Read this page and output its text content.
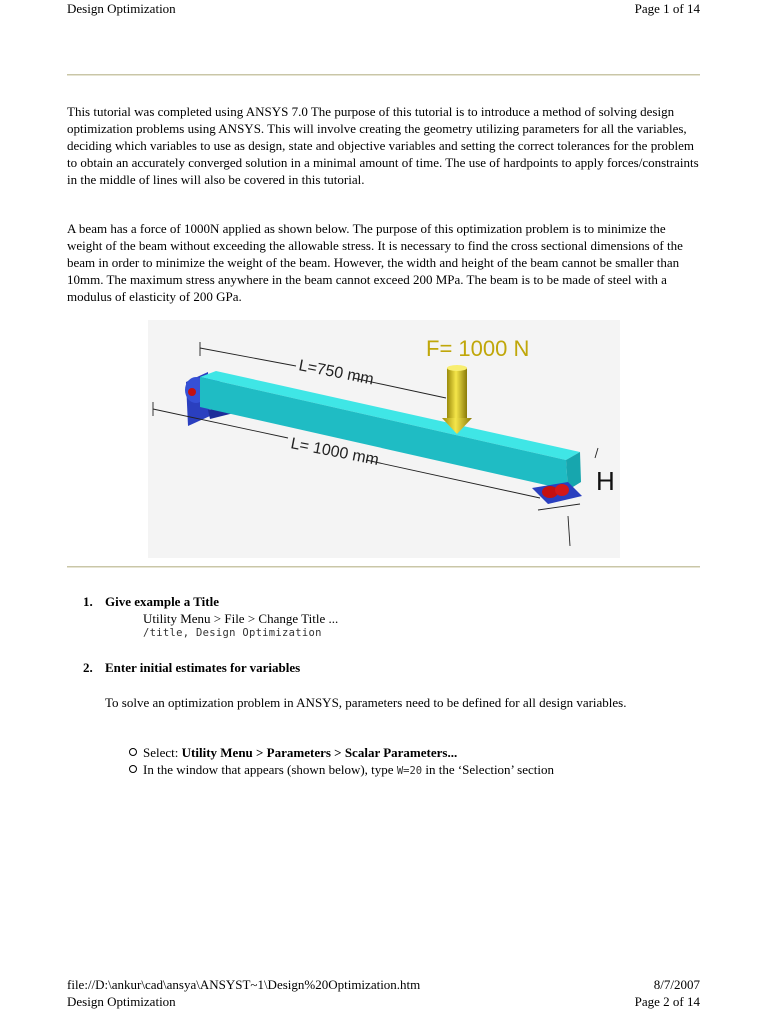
Design Optimization	Page 1 of 14
This tutorial was completed using ANSYS 7.0 The purpose of this tutorial is to introduce a method of solving design optimization problems using ANSYS. This will involve creating the geometry utilizing parameters for all the variables, deciding which variables to use as design, state and objective variables and setting the correct tolerances for the problem to obtain an accurately converged solution in a minimal amount of time. The use of hardpoints to apply forces/constraints in the middle of lines will also be covered in this tutorial.
A beam has a force of 1000N applied as shown below. The purpose of this optimization problem is to minimize the weight of the beam without exceeding the allowable stress. It is necessary to find the cross sectional dimensions of the beam in order to minimize the weight of the beam. However, the width and height of the beam cannot be smaller than 10mm. The maximum stress anywhere in the beam cannot exceed 200 MPa. The beam is to be made of steel with a modulus of elasticity of 200 GPa.
L=750 mm
F= 1000 N
L= 1000 mm
H
1. Give example a Title
Utility Menu > File > Change Title ...
/title, Design Optimization
2. Enter initial estimates for variables
To solve an optimization problem in ANSYS, parameters need to be defined for all design variables.
Select: Utility Menu > Parameters > Scalar Parameters...
In the window that appears (shown below), type W=20 in the ‘Selection’ section
file://D:\ankur\cad\ansya\ANSYST~1\Design%20Optimization.htm	8/7/2007
Design Optimization	Page 2 of 14
